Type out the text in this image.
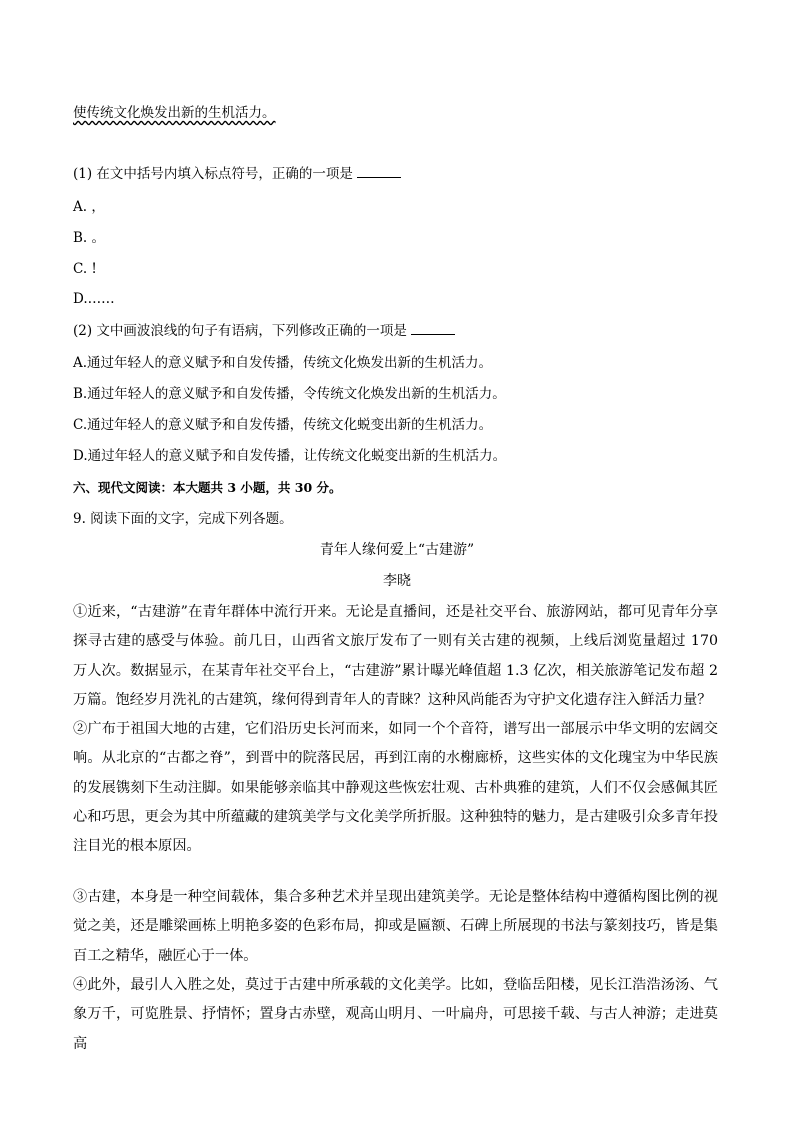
使传统文化焕发出新的生机活力。
(1) 在文中括号内填入标点符号，正确的一项是
A. ，
B. 。
C. !
D.……
(2) 文中画波浪线的句子有语病，下列修改正确的一项是
A.通过年轻人的意义赋予和自发传播，传统文化焕发出新的生机活力。
B.通过年轻人的意义赋予和自发传播，令传统文化焕发出新的生机活力。
C.通过年轻人的意义赋予和自发传播，传统文化蜕变出新的生机活力。
D.通过年轻人的意义赋予和自发传播，让传统文化蜕变出新的生机活力。
六、现代文阅读：本大题共 3 小题，共 30 分。
9. 阅读下面的文字，完成下列各题。
青年人缘何爱上“古建游”
李晓
①近来，“古建游”在青年群体中流行开来。无论是直播间，还是社交平台、旅游网站，都可见青年分享探寻古建的感受与体验。前几日，山西省文旅厅发布了一则有关古建的视频，上线后浏览量超过 170 万人次。数据显示，在某青年社交平台上，“古建游”累计曝光峰值超 1.3 亿次，相关旅游笔记发布超 2万篇。饱经岁月洗礼的古建筑，缘何得到青年人的青睐？这种风尚能否为守护文化遗存注入鲜活力量？
②广布于祖国大地的古建，它们沿历史长河而来，如同一个个音符，谱写出一部展示中华文明的宏阔交响。从北京的“古都之脊”，到晋中的院落民居，再到江南的水榭廊桥，这些实体的文化瑰宝为中华民族的发展镌刻下生动注脚。如果能够亲临其中静观这些恢宏壮观、古朴典雅的建筑，人们不仅会感佩其匠心和巧思，更会为其中所蕴藏的建筑美学与文化美学所折服。这种独特的魅力，是古建吸引众多青年投注目光的根本原因。
③古建，本身是一种空间载体，集合多种艺术并呈现出建筑美学。无论是整体结构中遵循构图比例的视觉之美，还是雕梁画栋上明艳多姿的色彩布局，抑或是匾额、石碑上所展现的书法与篆刻技巧，皆是集百工之精华，融匠心于一体。
④此外，最引人入胜之处，莫过于古建中所承载的文化美学。比如，登临岳阳楼，见长江浩浩汤汤、气象万千，可览胜景、抒情怀；置身古赤壁，观高山明月、一叶扁舟，可思接千载、与古人神游；走进莫高
